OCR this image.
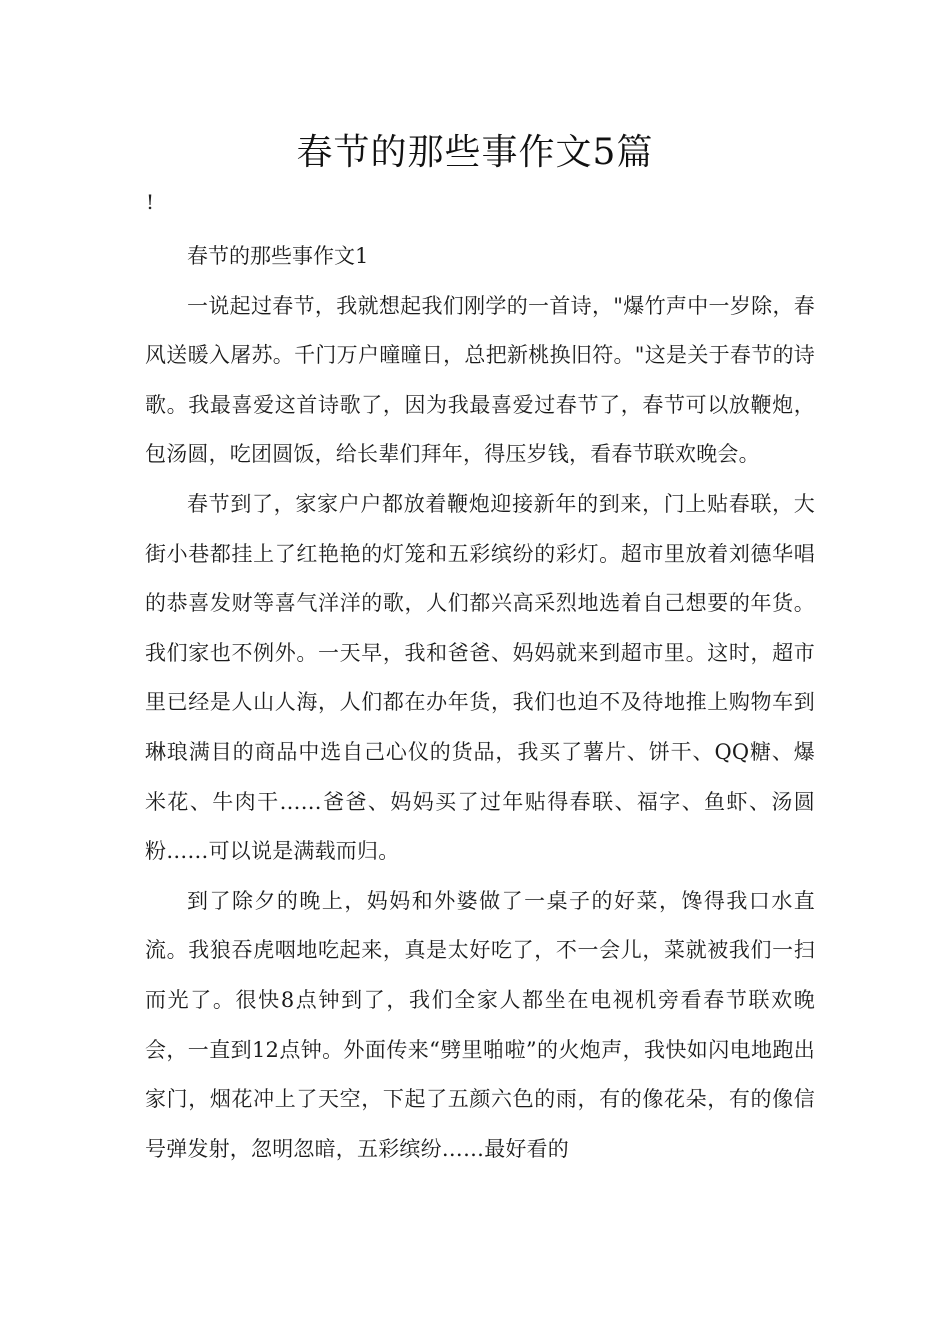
春节的那些事作文5篇
!

春节的那些事作文1

一说起过春节，我就想起我们刚学的一首诗，"爆竹声中一岁除，春风送暖入屠苏。千门万户曈曈日，总把新桃换旧符。"这是关于春节的诗歌。我最喜爱这首诗歌了，因为我最喜爱过春节了，春节可以放鞭炮，包汤圆，吃团圆饭，给长辈们拜年，得压岁钱，看春节联欢晚会。

春节到了，家家户户都放着鞭炮迎接新年的到来，门上贴春联，大街小巷都挂上了红艳艳的灯笼和五彩缤纷的彩灯。超市里放着刘德华唱的恭喜发财等喜气洋洋的歌，人们都兴高采烈地选着自己想要的年货。我们家也不例外。一天早，我和爸爸、妈妈就来到超市里。这时，超市里已经是人山人海，人们都在办年货，我们也迫不及待地推上购物车到琳琅满目的商品中选自己心仪的货品，我买了薯片、饼干、QQ糖、爆米花、牛肉干……爸爸、妈妈买了过年贴得春联、福字、鱼虾、汤圆粉……可以说是满载而归。

到了除夕的晚上，妈妈和外婆做了一桌子的好菜，馋得我口水直流。我狼吞虎咽地吃起来，真是太好吃了，不一会儿，菜就被我们一扫而光了。很快8点钟到了，我们全家人都坐在电视机旁看春节联欢晚会，一直到12点钟。外面传来“劈里啪啦”的火炮声，我快如闪电地跑出家门，烟花冲上了天空，下起了五颜六色的雨，有的像花朵，有的像信号弹发射，忽明忽暗，五彩缤纷……最好看的
